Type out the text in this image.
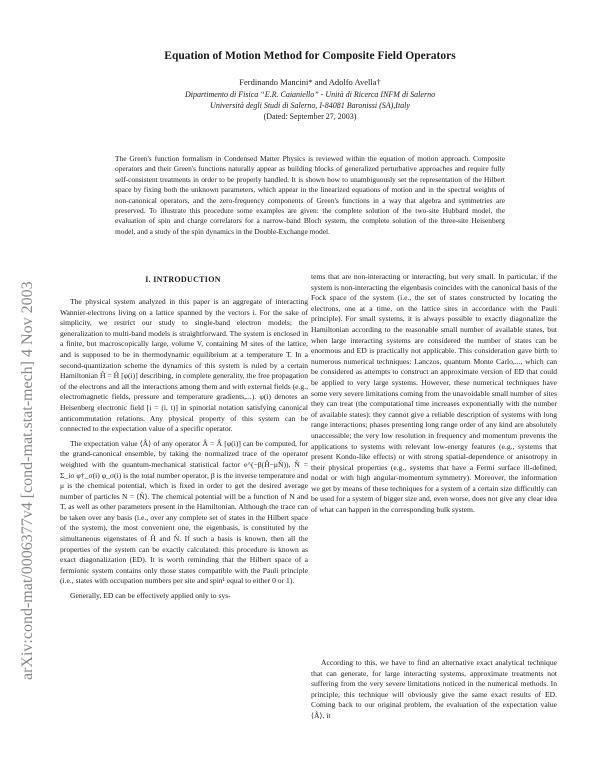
arXiv:cond-mat/0006377v4 [cond-mat.stat-mech] 4 Nov 2003
Equation of Motion Method for Composite Field Operators
Ferdinando Mancini* and Adolfo Avella†
Dipartimento di Fisica “E.R. Caianiello” - Unità di Ricerca INFM di Salerno
Università degli Studi di Salerno, I-84081 Baronissi (SA),Italy
(Dated: September 27, 2003)
The Green's function formalism in Condensed Matter Physics is reviewed within the equation of motion approach. Composite operators and their Green's functions naturally appear as building blocks of generalized perturbative approaches and require fully self-consistent treatments in order to be properly handled. It is shown how to unambiguously set the representation of the Hilbert space by fixing both the unknown parameters, which appear in the linearized equations of motion and in the spectral weights of non-canonical operators, and the zero-frequency components of Green's functions in a way that algebra and symmetries are preserved. To illustrate this procedure some examples are given: the complete solution of the two-site Hubbard model, the evaluation of spin and charge correlators for a narrow-band Bloch system, the complete solution of the three-site Heisenberg model, and a study of the spin dynamics in the Double-Exchange model.
I. INTRODUCTION

The physical system analyzed in this paper is an aggregate of interacting Wannier-electrons living on a lattice spanned by the vectors i. For the sake of simplicity, we restrict our study to single-band electron models; the generalization to multi-band models is straightforward. The system is enclosed in a finite, but macroscopically large, volume V, containing M sites of the lattice, and is supposed to be in thermodynamic equilibrium at a temperature T. In a second-quantization scheme the dynamics of this system is ruled by a certain Hamiltonian Ĥ = Ĥ [φ(i)] describing, in complete generality, the free propagation of the electrons and all the interactions among them and with external fields (e.g., electromagnetic fields, pressure and temperature gradients,...). φ(i) denotes an Heisenberg electronic field [i = (i, t)] in spinorial notation satisfying canonical anticommutation relations. Any physical property of this system can be connected to the expectation value of a specific operator.

The expectation value ⟨Â⟩ of any operator Â = Â [φ(i)] can be computed, for the grand-canonical ensemble, by taking the normalized trace of the operator weighted with the quantum-mechanical statistical factor e^(−β(Ĥ−μN̂)), N̂ = Σ_iσ φ†_σ(i) φ_σ(i) is the total number operator, β is the inverse temperature and μ is the chemical potential, which is fixed in order to get the desired average number of particles N = ⟨N̂⟩. The chemical potential will be a function of N and T, as well as other parameters present in the Hamiltonian. Although the trace can be taken over any basis (i.e., over any complete set of states in the Hilbert space of the system), the most convenient one, the eigenbasis, is constituted by the simultaneous eigenstates of Ĥ and N̂. If such a basis is known, then all the properties of the system can be exactly calculated: this procedure is known as exact diagonalization (ED). It is worth reminding that the Hilbert space of a fermionic system contains only those states compatible with the Pauli principle (i.e., states with occupation numbers per site and spin¹ equal to either 0 or 1).

Generally, ED can be effectively applied only to sys-

tems that are non-interacting or interacting, but very small. In particular, if the system is non-interacting the eigenbasis coincides with the canonical basis of the Fock space of the system (i.e., the set of states constructed by locating the electrons, one at a time, on the lattice sites in accordance with the Pauli principle). For small systems, it is always possible to exactly diagonalize the Hamiltonian according to the reasonable small number of available states, but when large interacting systems are considered the number of states can be enormous and ED is practically not applicable. This consideration gave birth to numerous numerical techniques: Lanczos, quantum Monte Carlo,..., which can be considered as attempts to construct an approximate version of ED that could be applied to very large systems. However, these numerical techniques have some very severe limitations coming from the unavoidable small number of sites they can treat (the computational time increases exponentially with the number of available states): they cannot give a reliable description of systems with long range interactions; phases presenting long range order of any kind are absolutely unaccessible; the very low resolution in frequency and momentum prevents the applications to systems with relevant low-energy features (e.g., systems that present Kondo-like effects) or with strong spatial-dependence or anisotropy in their physical properties (e.g., systems that have a Fermi surface ill-defined, nodal or with high angular-momentum symmetry). Moreover, the information we get by means of these techniques for a system of a certain size difficultly can be used for a system of bigger size and, even worse, does not give any clear idea of what can happen in the corresponding bulk system.

According to this, we have to find an alternative exact analytical technique that can generate, for large interacting systems, approximate treatments not suffering from the very severe limitations noticed in the numerical methods. In principle, this technique will obviously give the same exact results of ED. Coming back to our original problem, the evaluation of the expectation value ⟨Â⟩, it
